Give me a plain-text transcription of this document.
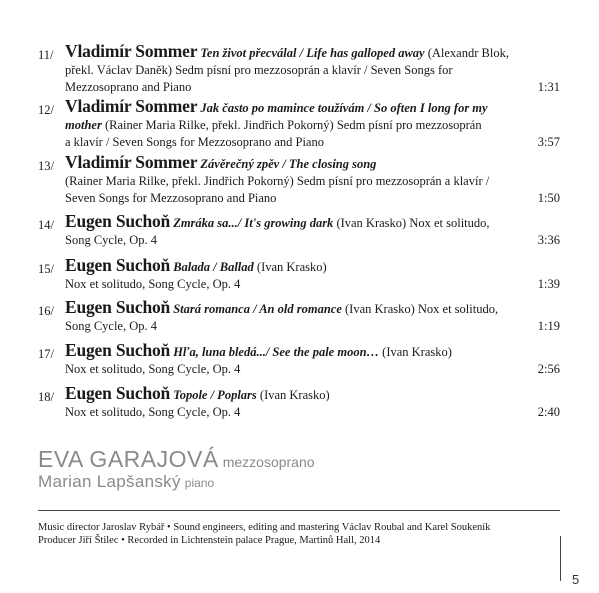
11/ Vladimír Sommer Ten život přecválal / Life has galloped away (Alexandr Blok,
překl. Václav Daněk) Sedm písní pro mezzosoprán a klavír / Seven Songs for
Mezzosoprano and Piano	1:31
12/ Vladimír Sommer Jak často po mamince toužívám / So often I long for my
mother (Rainer Maria Rilke, překl. Jindřich Pokorný) Sedm písní pro mezzosoprán
a klavír / Seven Songs for Mezzosoprano and Piano	3:57
13/ Vladimír Sommer Závěrečný zpěv / The closing song
(Rainer Maria Rilke, překl. Jindřich Pokorný) Sedm písní pro mezzosoprán a klavír /
Seven Songs for Mezzosoprano and Piano	1:50
14/ Eugen Suchoň Zmráka sa.../ It's growing dark (Ivan Krasko) Nox et solitudo,
Song Cycle, Op. 4	3:36
15/ Eugen Suchoň Balada / Ballad (Ivan Krasko)
Nox et solitudo, Song Cycle, Op. 4	1:39
16/ Eugen Suchoň Stará romanca / An old romance (Ivan Krasko) Nox et solitudo,
Song Cycle, Op. 4	1:19
17/ Eugen Suchoň Hľa, luna bledá.../ See the pale moon… (Ivan Krasko)
Nox et solitudo, Song Cycle, Op. 4	2:56
18/ Eugen Suchoň Topole / Poplars (Ivan Krasko)
Nox et solitudo, Song Cycle, Op. 4	2:40
EVA GARAJOVÁ mezzosoprano
Marian Lapšanský piano
Music director Jaroslav Rybář • Sound engineers, editing and mastering Václav Roubal and Karel Soukeník
Producer Jiří Štilec • Recorded in Lichtenstein palace Prague, Martinů Hall, 2014
5
